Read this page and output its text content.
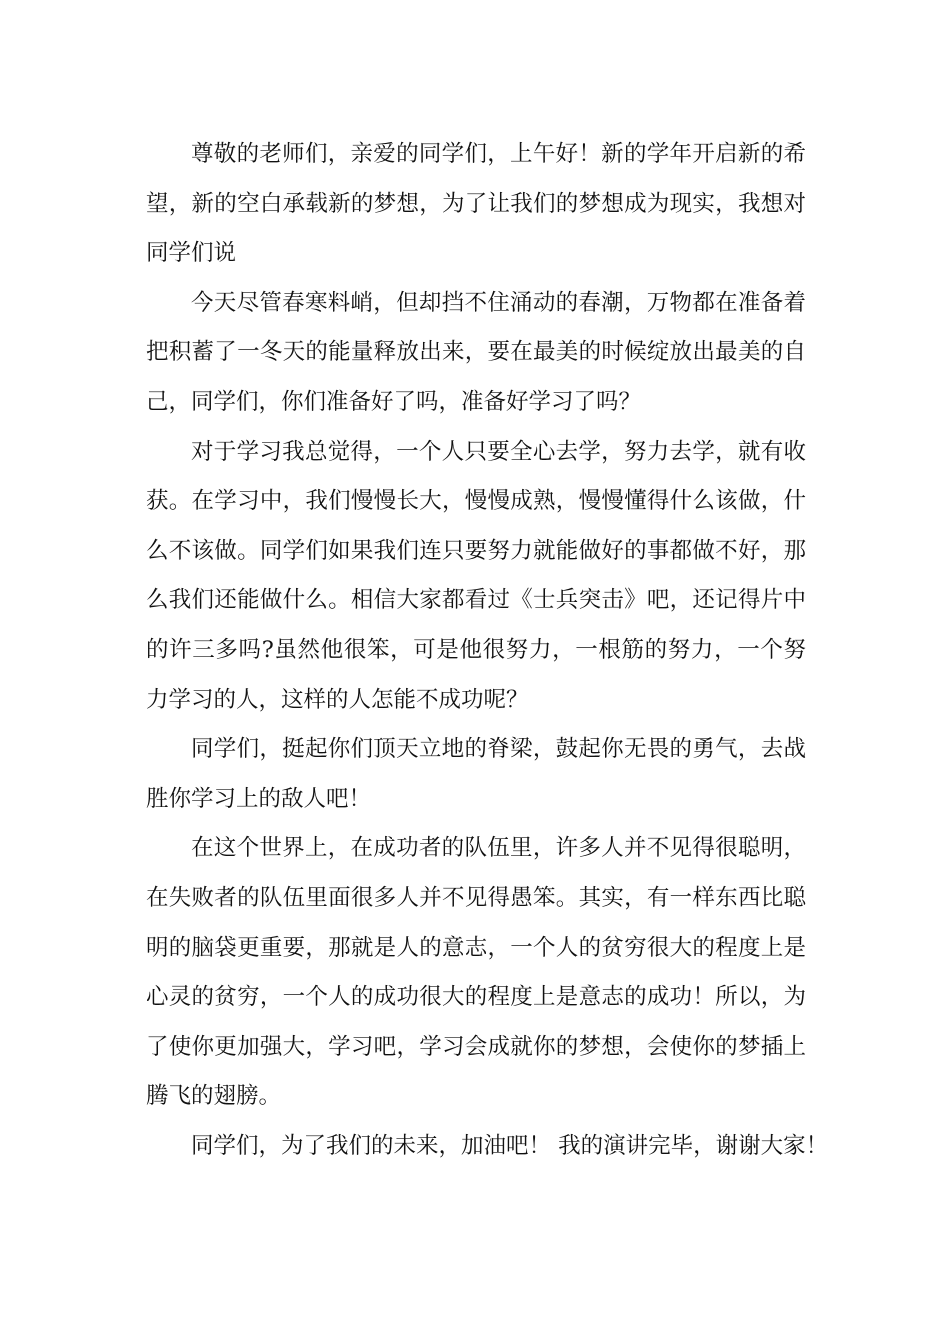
尊敬的老师们，亲爱的同学们，上午好！新的学年开启新的希望，新的空白承载新的梦想，为了让我们的梦想成为现实，我想对同学们说

今天尽管春寒料峭，但却挡不住涌动的春潮，万物都在准备着把积蓄了一冬天的能量释放出来，要在最美的时候绽放出最美的自己，同学们，你们准备好了吗，准备好学习了吗？

对于学习我总觉得，一个人只要全心去学，努力去学，就有收获。在学习中，我们慢慢长大，慢慢成熟，慢慢懂得什么该做，什么不该做。同学们如果我们连只要努力就能做好的事都做不好，那么我们还能做什么。相信大家都看过《士兵突击》吧，还记得片中的许三多吗?虽然他很笨，可是他很努力，一根筋的努力，一个努力学习的人，这样的人怎能不成功呢？

同学们，挺起你们顶天立地的脊梁，鼓起你无畏的勇气，去战胜你学习上的敌人吧！

在这个世界上，在成功者的队伍里，许多人并不见得很聪明，在失败者的队伍里面很多人并不见得愚笨。其实，有一样东西比聪明的脑袋更重要，那就是人的意志，一个人的贫穷很大的程度上是心灵的贫穷，一个人的成功很大的程度上是意志的成功！所以，为了使你更加强大，学习吧，学习会成就你的梦想，会使你的梦插上腾飞的翅膀。

同学们，为了我们的未来，加油吧！ 我的演讲完毕，谢谢大家！
